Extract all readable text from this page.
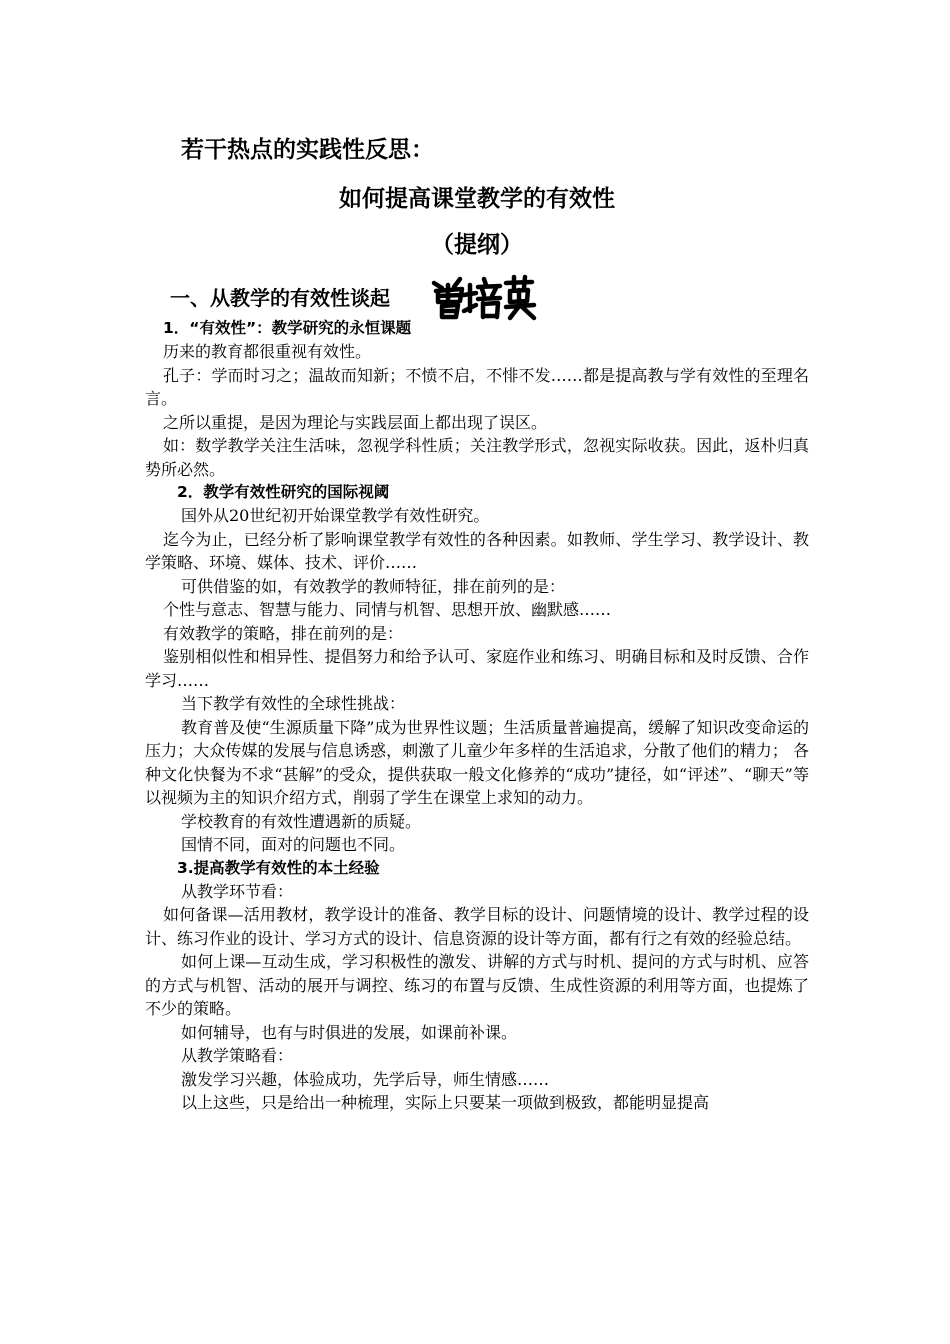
若干热点的实践性反思：
如何提高课堂教学的有效性
（提纲）
一、从教学的有效性谈起
1．“有效性”：教学研究的永恒课题

历来的教育都很重视有效性。

孔子：学而时习之；温故而知新；不愤不启，不悱不发……都是提高教与学有效性的至理名言。

之所以重提，是因为理论与实践层面上都出现了误区。

如：数学教学关注生活味，忽视学科性质；关注教学形式，忽视实际收获。因此，返朴归真势所必然。

2．教学有效性研究的国际视阈

国外从20世纪初开始课堂教学有效性研究。

迄今为止，已经分析了影响课堂教学有效性的各种因素。如教师、学生学习、教学设计、教学策略、环境、媒体、技术、评价……

可供借鉴的如，有效教学的教师特征，排在前列的是：

个性与意志、智慧与能力、同情与机智、思想开放、幽默感……

有效教学的策略，排在前列的是：

鉴别相似性和相异性、提倡努力和给予认可、家庭作业和练习、明确目标和及时反馈、合作学习……

当下教学有效性的全球性挑战：

教育普及使“生源质量下降”成为世界性议题；生活质量普遍提高，缓解了知识改变命运的压力；大众传媒的发展与信息诱惑，刺激了儿童少年多样的生活追求，分散了他们的精力； 各种文化快餐为不求“甚解”的受众，提供获取一般文化修养的“成功”捷径，如“评述”、“聊天”等以视频为主的知识介绍方式，削弱了学生在课堂上求知的动力。

学校教育的有效性遭遇新的质疑。

国情不同，面对的问题也不同。

3.提高教学有效性的本土经验

从教学环节看：

如何备课—活用教材，教学设计的准备、教学目标的设计、问题情境的设计、教学过程的设计、练习作业的设计、学习方式的设计、信息资源的设计等方面，都有行之有效的经验总结。

如何上课—互动生成，学习积极性的激发、讲解的方式与时机、提问的方式与时机、应答的方式与机智、活动的展开与调控、练习的布置与反馈、生成性资源的利用等方面，也提炼了不少的策略。

如何辅导，也有与时俱进的发展，如课前补课。

从教学策略看：

激发学习兴趣，体验成功，先学后导，师生情感……

以上这些，只是给出一种梳理，实际上只要某一项做到极致，都能明显提高
